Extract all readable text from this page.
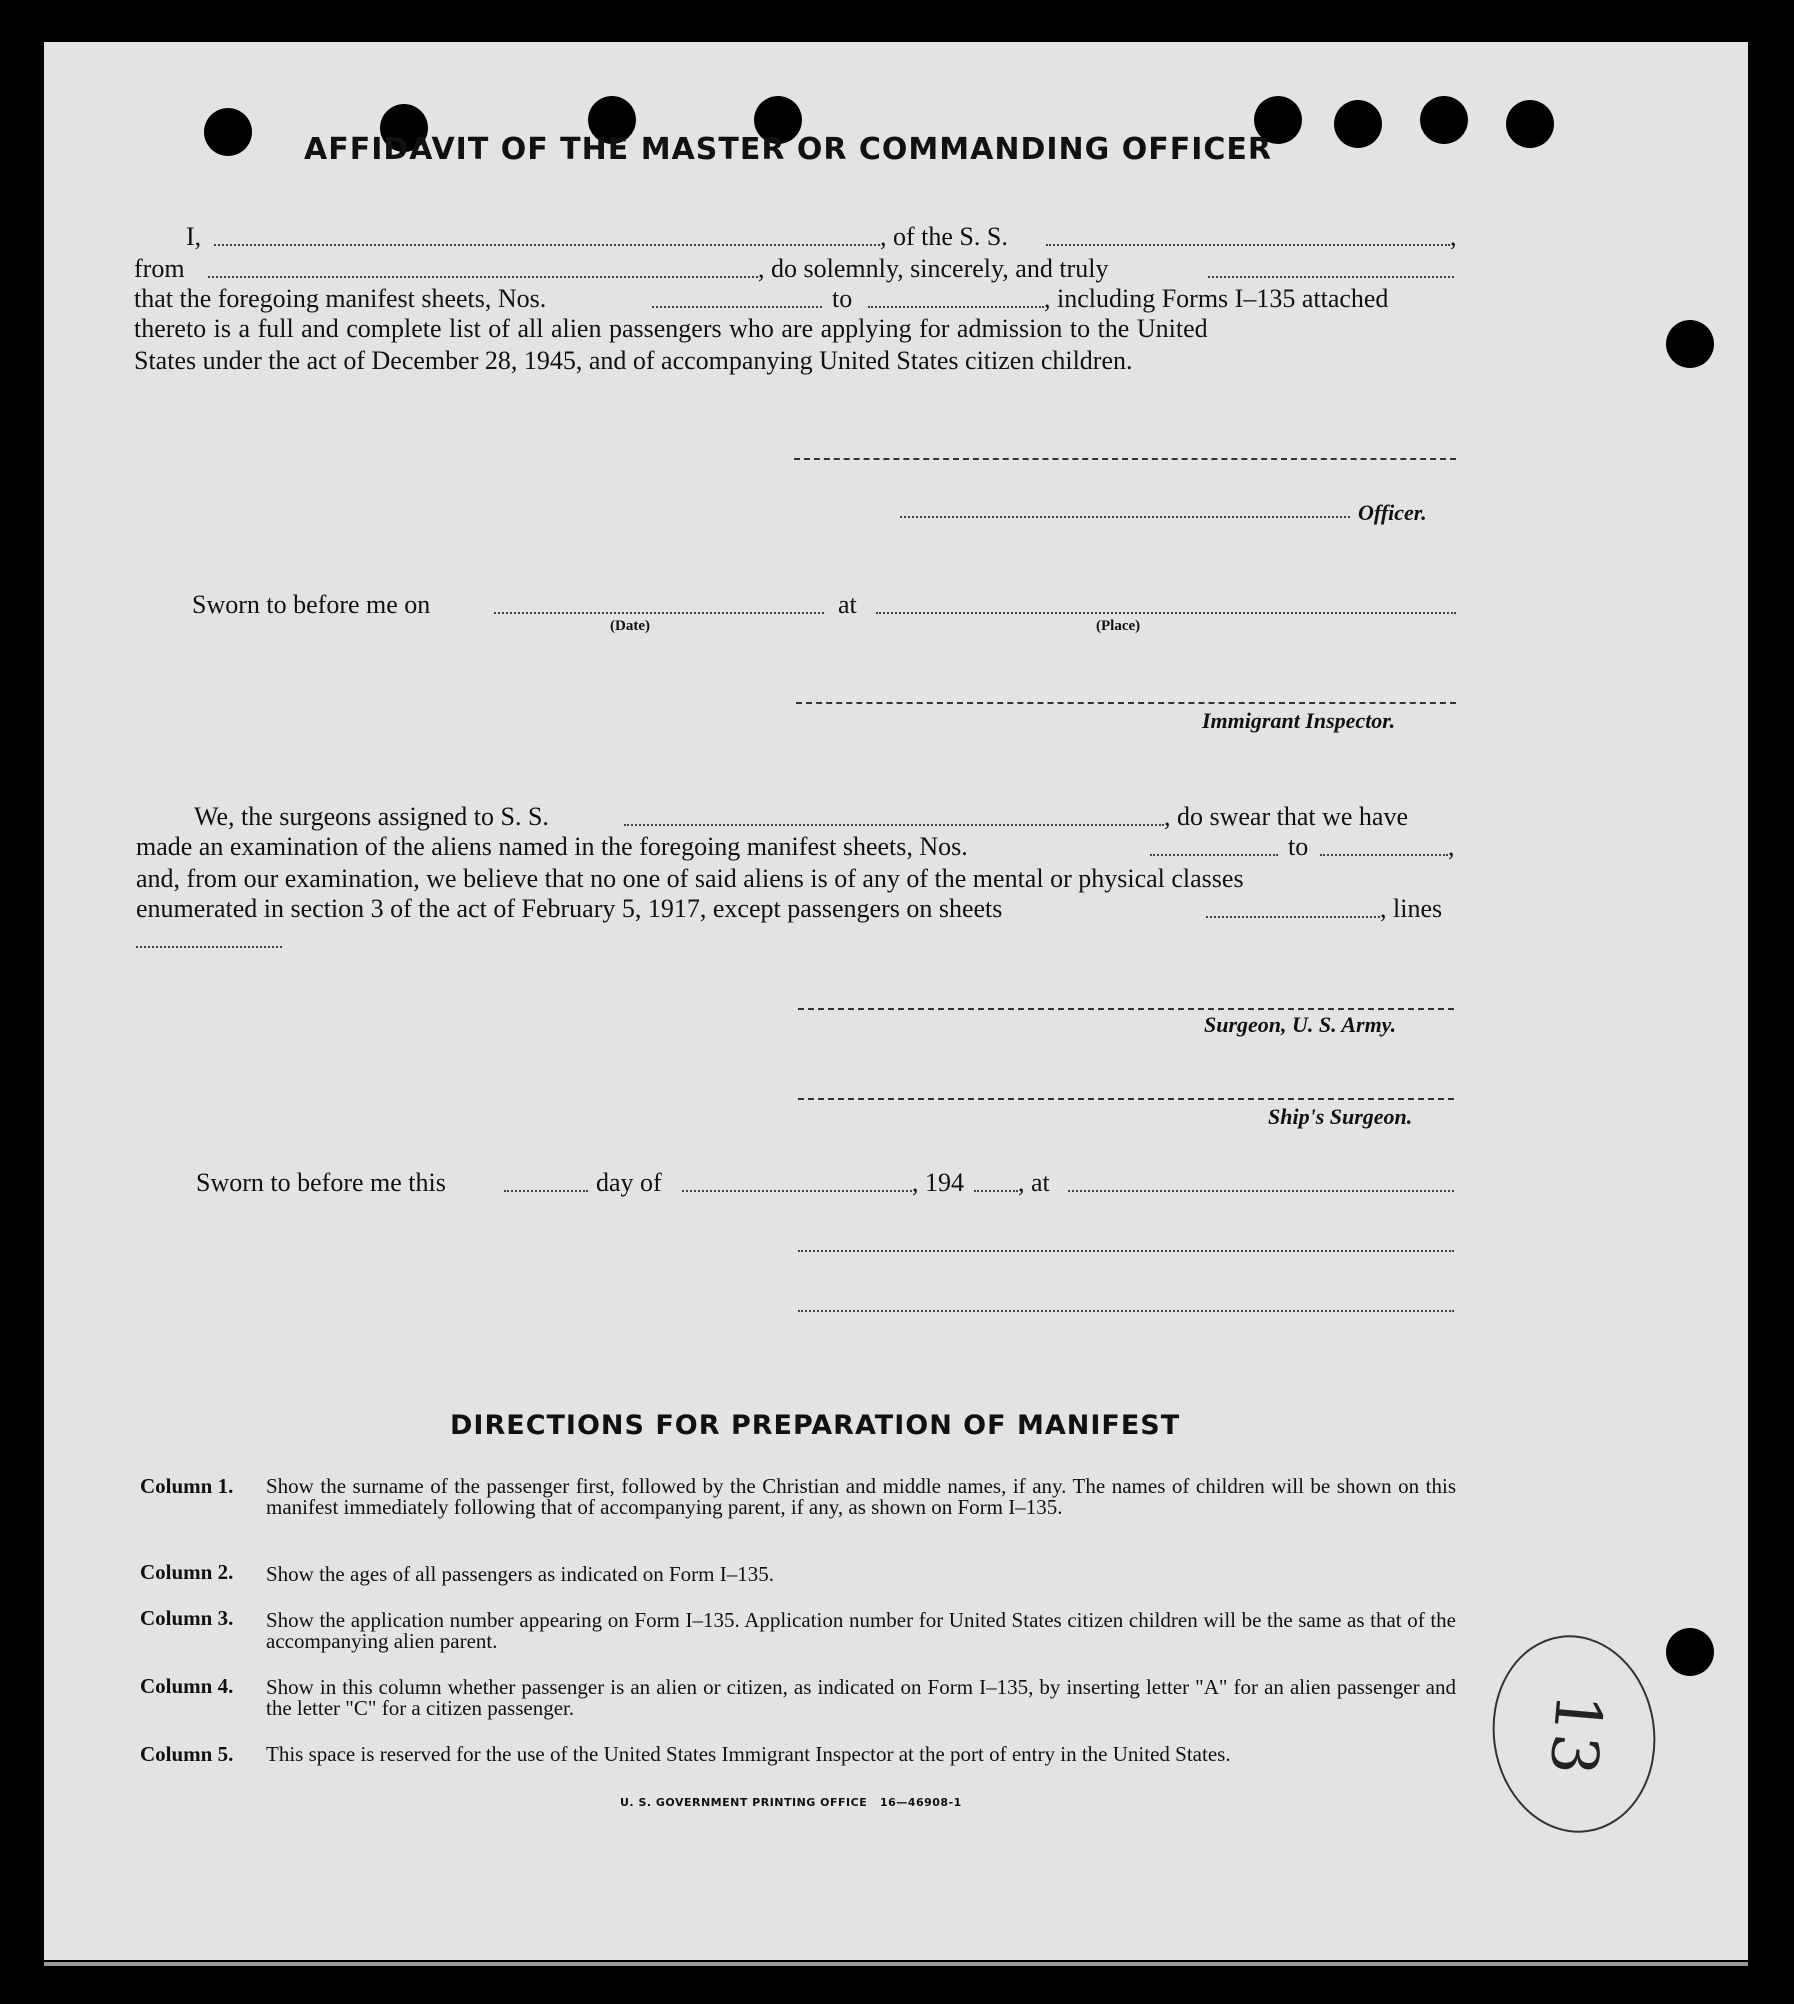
AFFIDAVIT OF THE MASTER OR COMMANDING OFFICER
I,	, of the S. S.	,
from	, do solemnly, sincerely, and truly
that the foregoing manifest sheets, Nos.	to	, including Forms I–135 attached
thereto is a full and complete list of all alien passengers who are applying for admission to the United
States under the act of December 28, 1945, and of accompanying United States citizen children.
Officer.
Sworn to before me on	at
(Date)	(Place)
Immigrant Inspector.
We, the surgeons assigned to S. S.	, do swear that we have
made an examination of the aliens named in the foregoing manifest sheets, Nos.	to	,
and, from our examination, we believe that no one of said aliens is of any of the mental or physical classes
enumerated in section 3 of the act of February 5, 1917, except passengers on sheets	, lines
Surgeon, U. S. Army.
Ship's Surgeon.
Sworn to before me this	day of	, 194 , at
DIRECTIONS FOR PREPARATION OF MANIFEST
Column 1. Show the surname of the passenger first, followed by the Christian and middle names, if any. The names of children will be shown on this manifest immediately following that of accompanying parent, if any, as shown on Form I–135.
Column 2. Show the ages of all passengers as indicated on Form I–135.
Column 3. Show the application number appearing on Form I–135. Application number for United States citizen children will be the same as that of the accompanying alien parent.
Column 4. Show in this column whether passenger is an alien or citizen, as indicated on Form I–135, by inserting letter "A" for an alien passenger and the letter "C" for a citizen passenger.
Column 5. This space is reserved for the use of the United States Immigrant Inspector at the port of entry in the United States.
U. S. GOVERNMENT PRINTING OFFICE 16—46908-1
13
